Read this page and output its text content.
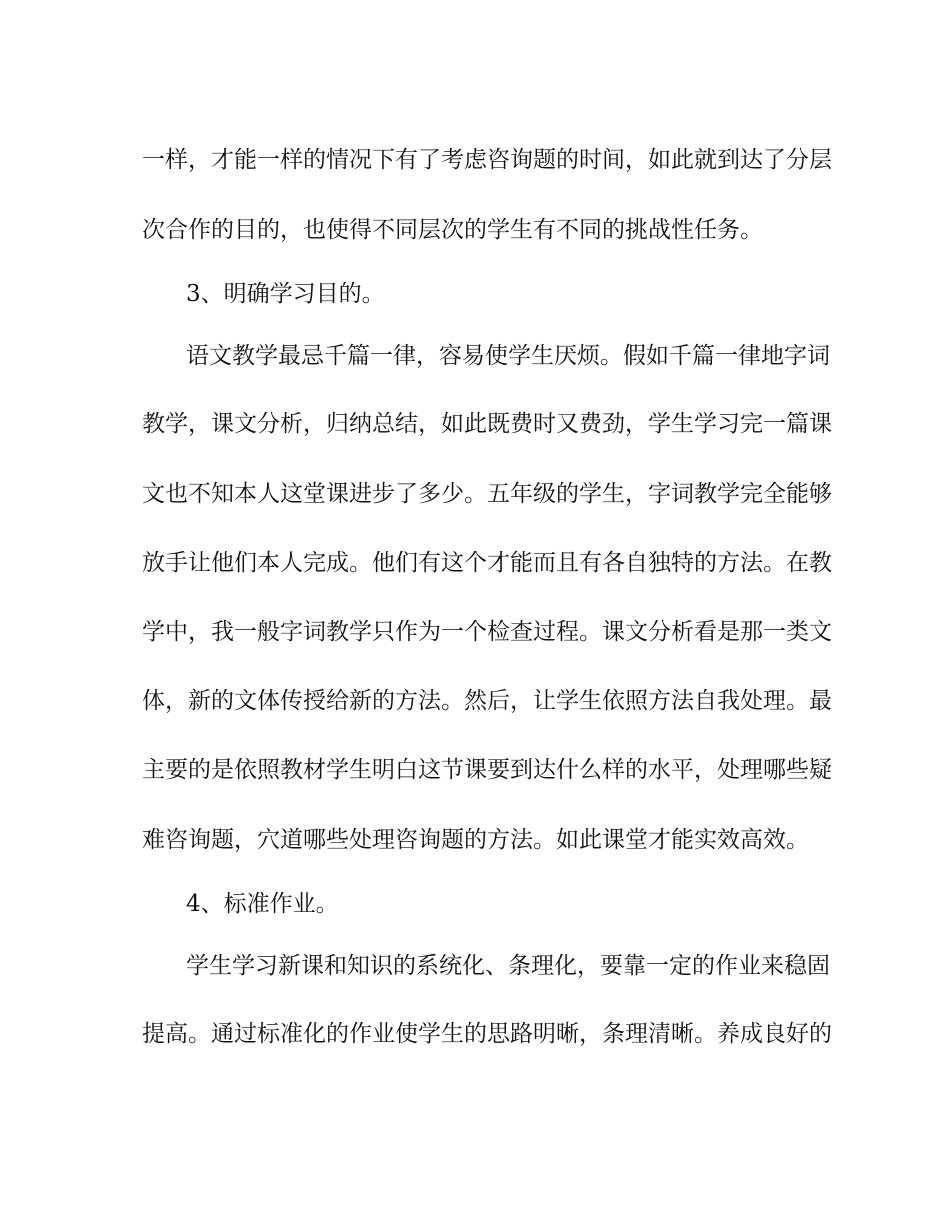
一样，才能一样的情况下有了考虑咨询题的时间，如此就到达了分层
次合作的目的，也使得不同层次的学生有不同的挑战性任务。
3、明确学习目的。
语文教学最忌千篇一律，容易使学生厌烦。假如千篇一律地字词
教学，课文分析，归纳总结，如此既费时又费劲，学生学习完一篇课
文也不知本人这堂课进步了多少。五年级的学生，字词教学完全能够
放手让他们本人完成。他们有这个才能而且有各自独特的方法。在教
学中，我一般字词教学只作为一个检查过程。课文分析看是那一类文
体，新的文体传授给新的方法。然后，让学生依照方法自我处理。最
主要的是依照教材学生明白这节课要到达什么样的水平，处理哪些疑
难咨询题，穴道哪些处理咨询题的方法。如此课堂才能实效高效。
4、标准作业。
学生学习新课和知识的系统化、条理化，要靠一定的作业来稳固
提高。通过标准化的作业使学生的思路明晰，条理清晰。养成良好的
